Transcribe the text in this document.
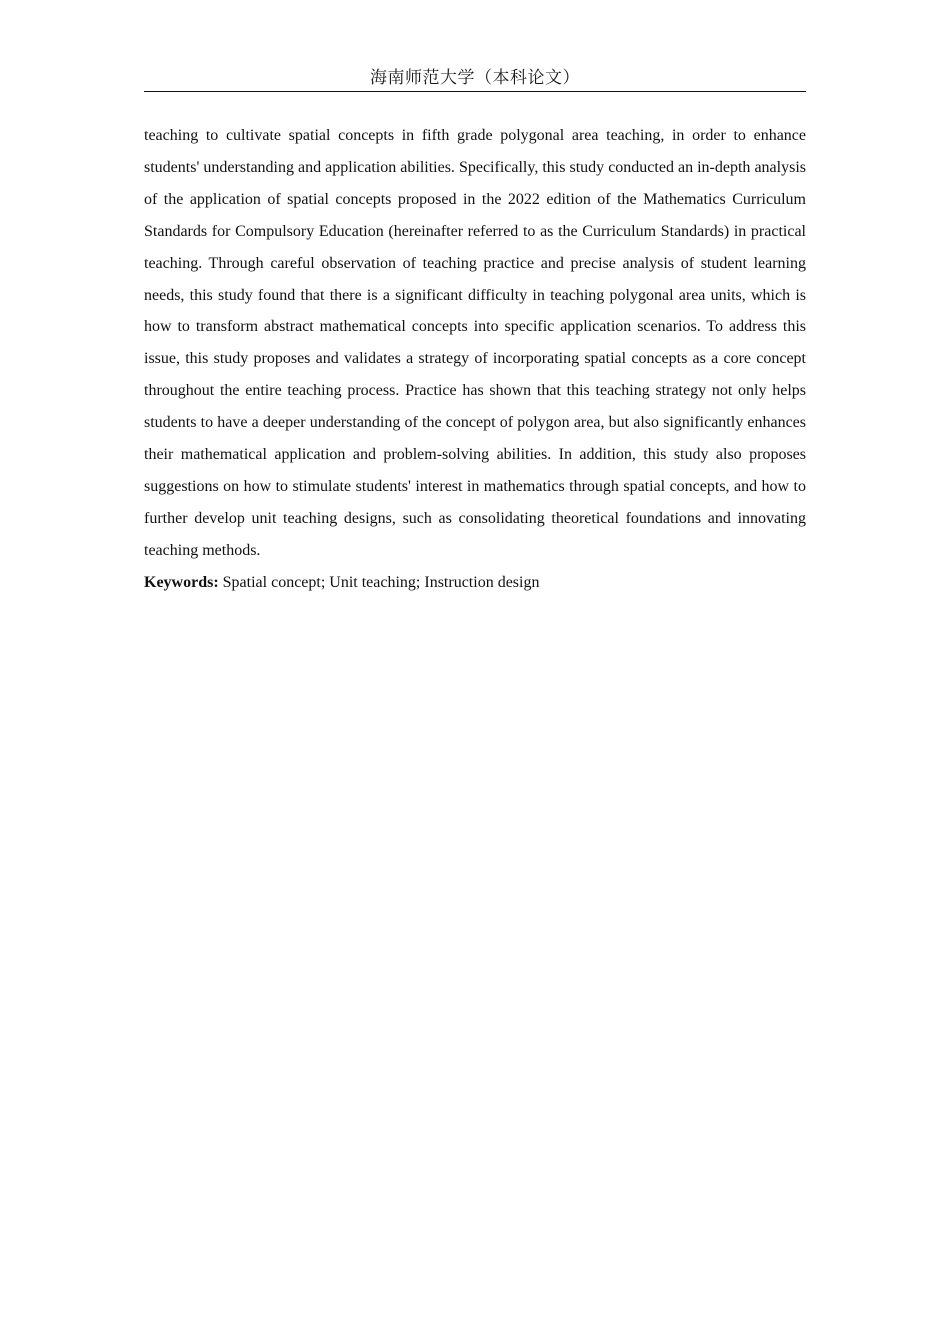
海南师范大学（本科论文）

teaching to cultivate spatial concepts in fifth grade polygonal area teaching, in order to enhance students' understanding and application abilities. Specifically, this study conducted an in-depth analysis of the application of spatial concepts proposed in the 2022 edition of the Mathematics Curriculum Standards for Compulsory Education (hereinafter referred to as the Curriculum Standards) in practical teaching. Through careful observation of teaching practice and precise analysis of student learning needs, this study found that there is a significant difficulty in teaching polygonal area units, which is how to transform abstract mathematical concepts into specific application scenarios. To address this issue, this study proposes and validates a strategy of incorporating spatial concepts as a core concept throughout the entire teaching process. Practice has shown that this teaching strategy not only helps students to have a deeper understanding of the concept of polygon area, but also significantly enhances their mathematical application and problem-solving abilities. In addition, this study also proposes suggestions on how to stimulate students' interest in mathematics through spatial concepts, and how to further develop unit teaching designs, such as consolidating theoretical foundations and innovating teaching methods.

Keywords: Spatial concept; Unit teaching; Instruction design
